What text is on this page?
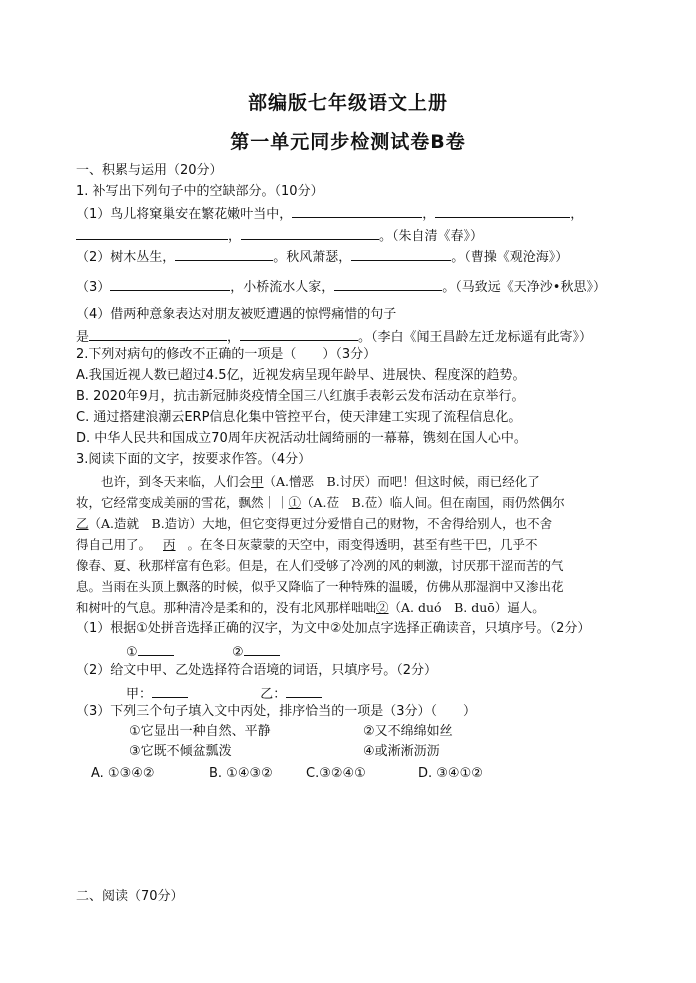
部编版七年级语文上册
第一单元同步检测试卷B卷
一、积累与运用（20分）
1. 补写出下列句子中的空缺部分。（10分）
（1）鸟儿将窠巢安在繁花嫩叶当中，	，	，
，	。（朱自清《春》）
（2）树木丛生，	。秋风萧瑟，	。（曹操《观沧海》）
（3）	，小桥流水人家，	。（马致远《天净沙•秋思》）
（4）借两种意象表达对朋友被贬遭遇的惊愕痛惜的句子
是	，	。（李白《闻王昌龄左迁龙标遥有此寄》）
2.下列对病句的修改不正确的一项是（　　）（3分）
A.我国近视人数已超过4.5亿，近视发病呈现年龄早、进展快、程度深的趋势。
B. 2020年9月，抗击新冠肺炎疫情全国三八红旗手表彰云发布活动在京举行。
C. 通过搭建浪潮云ERP信息化集中管控平台，使天津建工实现了流程信息化。
D. 中华人民共和国成立70周年庆祝活动壮阔绮丽的一幕幕，镌刻在国人心中。
3.阅读下面的文字，按要求作答。（4分）
　　也许，到冬天来临，人们会甲（A.憎恶　B.讨厌）而吧！但这时候，雨已经化了
妆，它经常变成美丽的雪花，飘然｜｜①（A.莅　B.莅）临人间。但在南国，雨仍然偶尔
乙（A.造就　B.造访）大地，但它变得更过分爱惜自己的财物，不舍得给别人，也不舍
得自己用了。 丙 。在冬日灰蒙蒙的天空中，雨变得透明，甚至有些干巴，几乎不
像春、夏、秋那样富有色彩。但是，在人们受够了冷冽的风的刺激，讨厌那干涩而苦的气
息。当雨在头顶上飘落的时候，似乎又降临了一种特殊的温暖，仿佛从那湿润中又渗出花
和树叶的气息。那种清冷是柔和的，没有北风那样咄咄②（A. duó　B. duō）逼人。
（1）根据①处拼音选择正确的汉字，为文中②处加点字选择正确读音，只填序号。（2分）
①	②
（2）给文中甲、乙处选择符合语境的词语，只填序号。（2分）
甲：	乙：
（3）下列三个句子填入文中丙处，排序恰当的一项是（3分）（　　）
①它显出一种自然、平静	②又不绵绵如丝
③它既不倾盆瓢泼	④或淅淅沥沥
A. ①③④②	B. ①④③②	C.③②④①	D. ③④①②
二、阅读（70分）
